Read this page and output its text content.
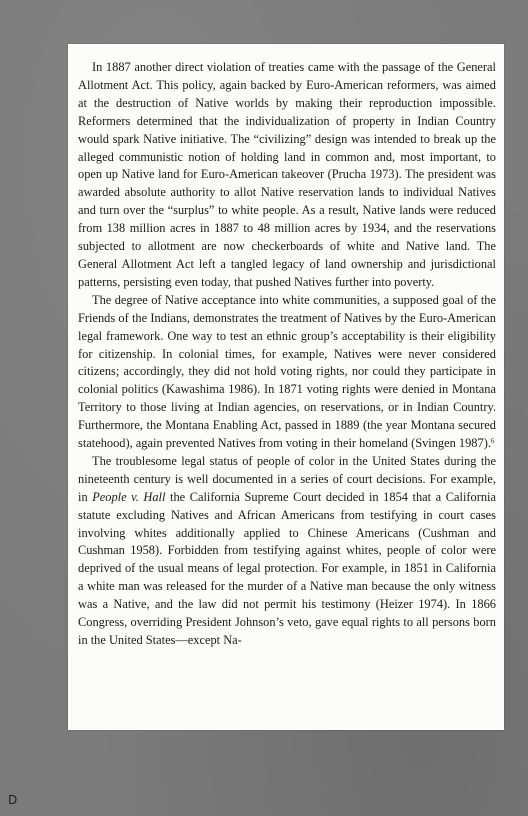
In 1887 another direct violation of treaties came with the passage of the General Allotment Act. This policy, again backed by Euro-American reformers, was aimed at the destruction of Native worlds by making their reproduction impossible. Reformers determined that the individualization of property in Indian Country would spark Native initiative. The “civilizing” design was intended to break up the alleged communistic notion of holding land in common and, most important, to open up Native land for Euro-American takeover (Prucha 1973). The president was awarded absolute authority to allot Native reservation lands to individual Natives and turn over the “surplus” to white people. As a result, Native lands were reduced from 138 million acres in 1887 to 48 million acres by 1934, and the reservations subjected to allotment are now checkerboards of white and Native land. The General Allotment Act left a tangled legacy of land ownership and jurisdictional patterns, persisting even today, that pushed Natives further into poverty.

The degree of Native acceptance into white communities, a supposed goal of the Friends of the Indians, demonstrates the treatment of Natives by the Euro-American legal framework. One way to test an ethnic group’s acceptability is their eligibility for citizenship. In colonial times, for example, Natives were never considered citizens; accordingly, they did not hold voting rights, nor could they participate in colonial politics (Kawashima 1986). In 1871 voting rights were denied in Montana Territory to those living at Indian agencies, on reservations, or in Indian Country. Furthermore, the Montana Enabling Act, passed in 1889 (the year Montana secured statehood), again prevented Natives from voting in their homeland (Svingen 1987).$^6$

The troublesome legal status of people of color in the United States during the nineteenth century is well documented in a series of court decisions. For example, in People v. Hall the California Supreme Court decided in 1854 that a California statute excluding Natives and African Americans from testifying in court cases involving whites additionally applied to Chinese Americans (Cushman and Cushman 1958). Forbidden from testifying against whites, people of color were deprived of the usual means of legal protection. For example, in 1851 in California a white man was released for the murder of a Native man because the only witness was a Native, and the law did not permit his testimony (Heizer 1974). In 1866 Congress, overriding President Johnson’s veto, gave equal rights to all persons born in the United States—except Na-

D
